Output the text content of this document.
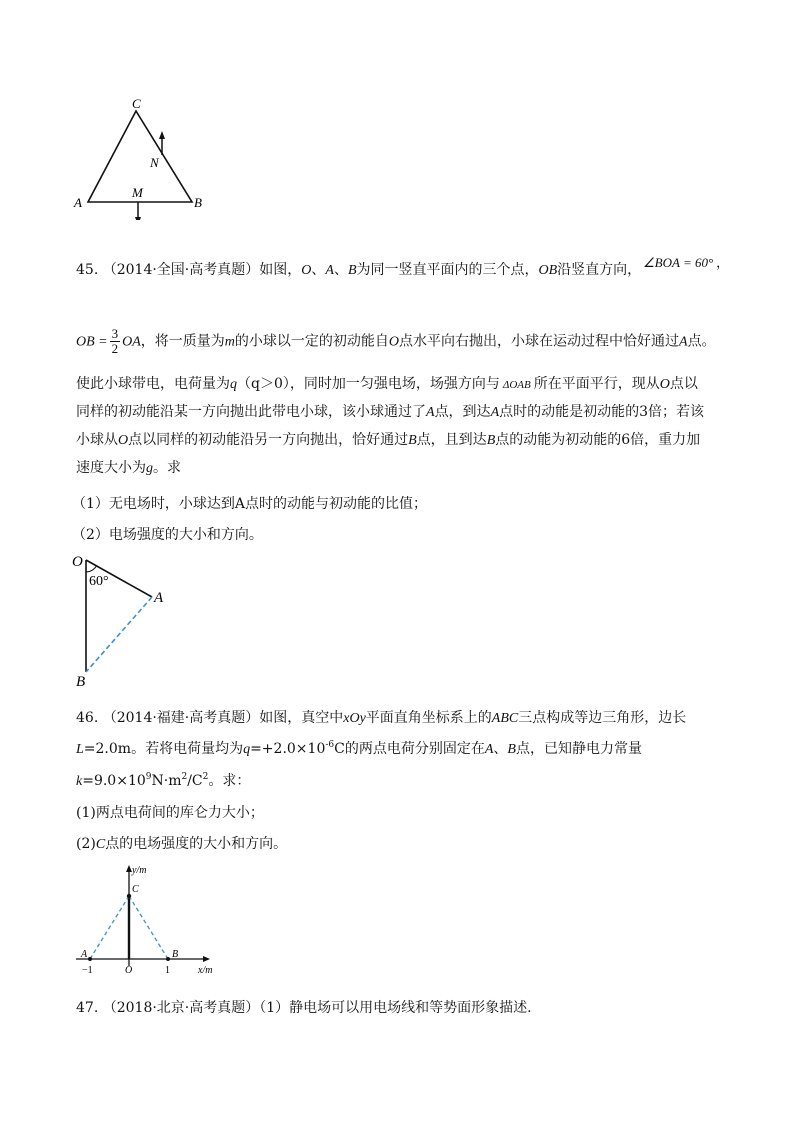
C
N
A
M
B
45. （2014·全国·高考真题）如图，O、A、B为同一竖直平面内的三个点，OB沿竖直方向， ∠BOA = 60° ，
OB = $\frac{3}{2}$ OA，将一质量为m的小球以一定的初动能自O点水平向右抛出，小球在运动过程中恰好通过A点。
使此小球带电，电荷量为q（q＞0），同时加一匀强电场，场强方向与 ΔOAB 所在平面平行，现从O点以
同样的初动能沿某一方向抛出此带电小球，该小球通过了A点，到达A点时的动能是初动能的3倍；若该
小球从O点以同样的初动能沿另一方向抛出，恰好通过B点，且到达B点的动能为初动能的6倍，重力加
速度大小为g。求
（1）无电场时，小球达到A点时的动能与初动能的比值；
（2）电场强度的大小和方向。
O
60°
A
B
46. （2014·福建·高考真题）如图，真空中xOy平面直角坐标系上的ABC三点构成等边三角形，边长
L=2.0m。若将电荷量均为$q=+2.0\times 10^{-6}C$的两点电荷分别固定在A、B点，已知静电力常量
$k=9.0\times 10^9N\cdot m^2/C^2$。求：
(1)两点电荷间的库仑力大小；
(2)C点的电场强度的大小和方向。
y/m
x/m
C
A	B
O
−1	1
47. （2018·北京·高考真题）（1）静电场可以用电场线和等势面形象描述.
